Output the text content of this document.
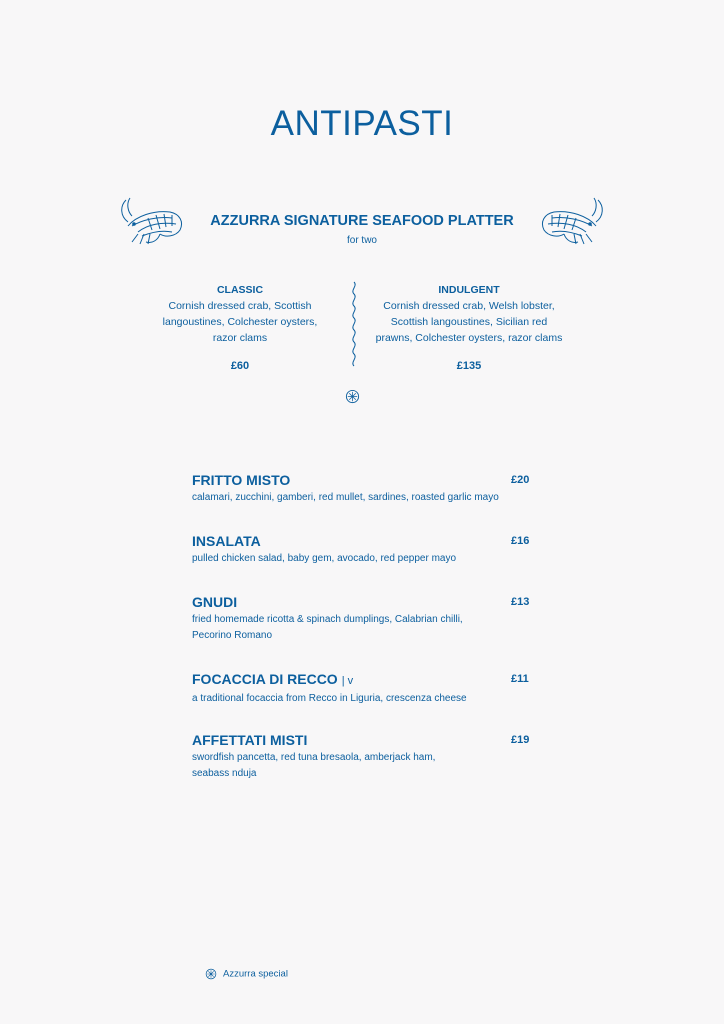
ANTIPASTI
AZZURRA SIGNATURE SEAFOOD PLATTER
for two
CLASSIC
Cornish dressed crab, Scottish
langoustines, Colchester oysters,
razor clams
£60
INDULGENT
Cornish dressed crab, Welsh lobster,
Scottish langoustines, Sicilian red
prawns, Colchester oysters, razor clams
£135
FRITTO MISTO	£20
calamari, zucchini, gamberi, red mullet, sardines, roasted garlic mayo
INSALATA	£16
pulled chicken salad, baby gem, avocado, red pepper mayo
GNUDI	£13
fried homemade ricotta & spinach dumplings, Calabrian chilli,
Pecorino Romano
FOCACCIA DI RECCO | v	£11
a traditional focaccia from Recco in Liguria, crescenza cheese
AFFETTATI MISTI	£19
swordfish pancetta, red tuna bresaola, amberjack ham,
seabass nduja
Azzurra special
